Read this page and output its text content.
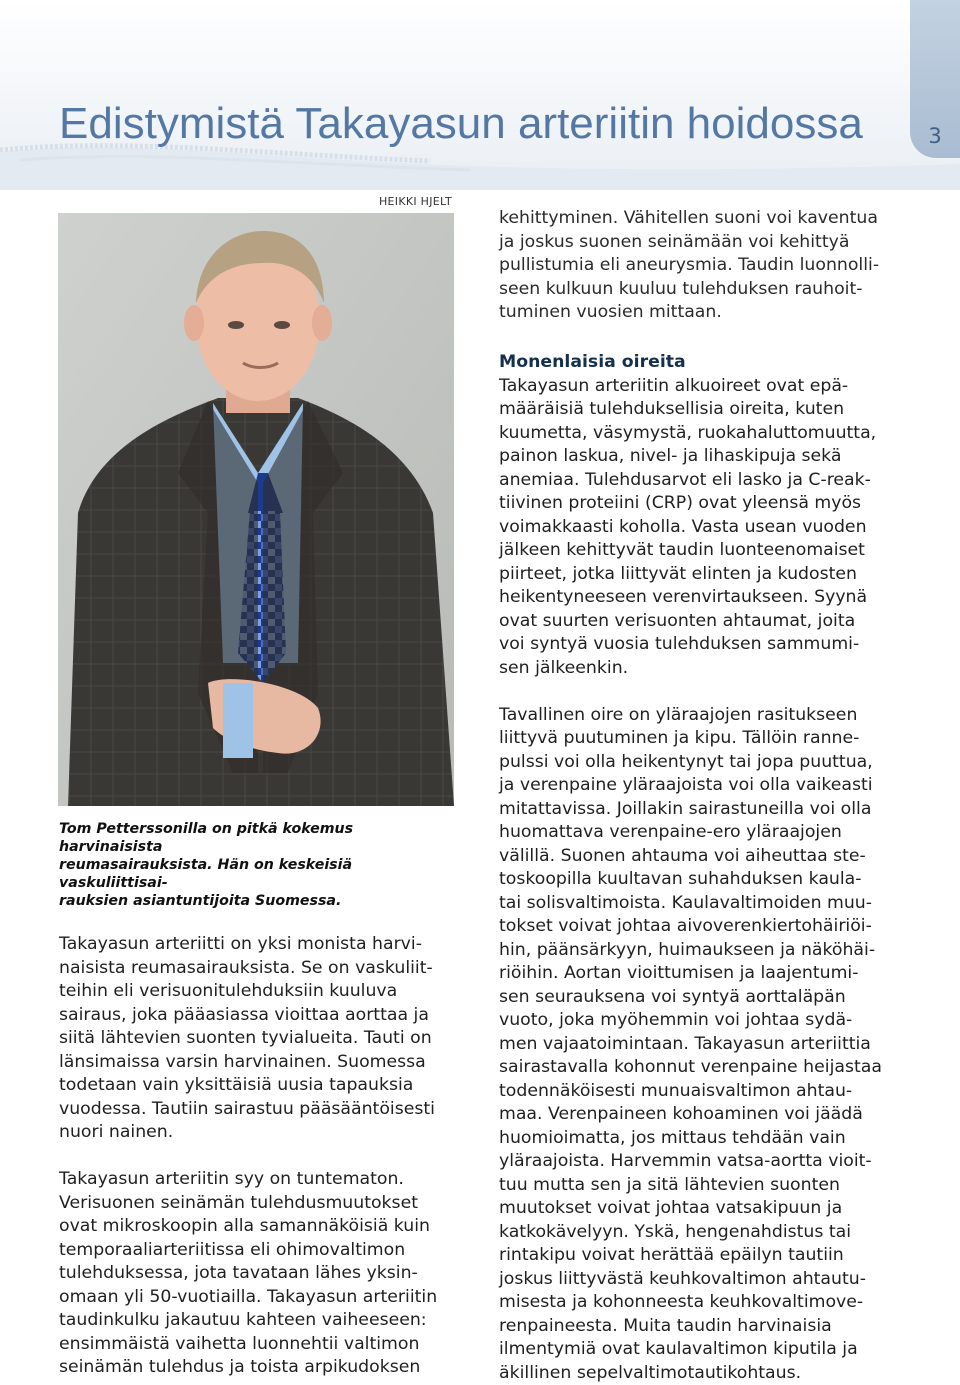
3
Edistymistä Takayasun arteriitin hoidossa
HEIKKI HJELT

Tom Petterssonilla on pitkä kokemus harvinaisista

reumasairauksista. Hän on keskeisiä vaskuliittisai-

rauksien asiantuntijoita Suomessa.

Takayasun arteriitti on yksi monista harvi-

naisista reumasairauksista. Se on vaskuliit-

teihin eli verisuonitulehduksiin kuuluva

sairaus, joka pääasiassa vioittaa aorttaa ja

siitä lähtevien suonten tyvialueita. Tauti on

länsimaissa varsin harvinainen. Suomessa

todetaan vain yksittäisiä uusia tapauksia

vuodessa. Tautiin sairastuu pääsääntöisesti

nuori nainen.

Takayasun arteriitin syy on tuntematon.

Verisuonen seinämän tulehdusmuutokset

ovat mikroskoopin alla samannäköisiä kuin

temporaaliarteriitissa eli ohimovaltimon

tulehduksessa, jota tavataan lähes yksin-

omaan yli 50-vuotiailla. Takayasun arteriitin

taudinkulku jakautuu kahteen vaiheeseen:

ensimmäistä vaihetta luonnehtii valtimon

seinämän tulehdus ja toista arpikudoksen

kehittyminen. Vähitellen suoni voi kaventua

ja joskus suonen seinämään voi kehittyä

pullistumia eli aneurysmia. Taudin luonnolli-

seen kulkuun kuuluu tulehduksen rauhoit-

tuminen vuosien mittaan.

Monenlaisia oireita

Takayasun arteriitin alkuoireet ovat epä-

määräisiä tulehduksellisia oireita, kuten

kuumetta, väsymystä, ruokahaluttomuutta,

painon laskua, nivel- ja lihaskipuja sekä

anemiaa. Tulehdusarvot eli lasko ja C-reak-

tiivinen proteiini (CRP) ovat yleensä myös

voimakkaasti koholla. Vasta usean vuoden

jälkeen kehittyvät taudin luonteenomaiset

piirteet, jotka liittyvät elinten ja kudosten

heikentyneeseen verenvirtaukseen. Syynä

ovat suurten verisuonten ahtaumat, joita

voi syntyä vuosia tulehduksen sammumi-

sen jälkeenkin.

Tavallinen oire on yläraajojen rasitukseen

liittyvä puutuminen ja kipu. Tällöin ranne-

pulssi voi olla heikentynyt tai jopa puuttua,

ja verenpaine yläraajoista voi olla vaikeasti

mitattavissa. Joillakin sairastuneilla voi olla

huomattava verenpaine-ero yläraajojen

välillä. Suonen ahtauma voi aiheuttaa ste-

toskoopilla kuultavan suhahduksen kaula-

tai solisvaltimoista. Kaulavaltimoiden muu-

tokset voivat johtaa aivoverenkiertohäiriöi-

hin, päänsärkyyn, huimaukseen ja näköhäi-

riöihin. Aortan vioittumisen ja laajentumi-

sen seurauksena voi syntyä aorttaläpän

vuoto, joka myöhemmin voi johtaa sydä-

men vajaatoimintaan. Takayasun arteriittia

sairastavalla kohonnut verenpaine heijastaa

todennäköisesti munuaisvaltimon ahtau-

maa. Verenpaineen kohoaminen voi jäädä

huomioimatta, jos mittaus tehdään vain

yläraajoista. Harvemmin vatsa-aortta vioit-

tuu mutta sen ja sitä lähtevien suonten

muutokset voivat johtaa vatsakipuun ja

katkokävelyyn. Yskä, hengenahdistus tai

rintakipu voivat herättää epäilyn tautiin

joskus liittyvästä keuhkovaltimon ahtautu-

misesta ja kohonneesta keuhkovaltimove-

renpaineesta. Muita taudin harvinaisia

ilmentymiä ovat kaulavaltimon kiputila ja

äkillinen sepelvaltimotautikohtaus.
